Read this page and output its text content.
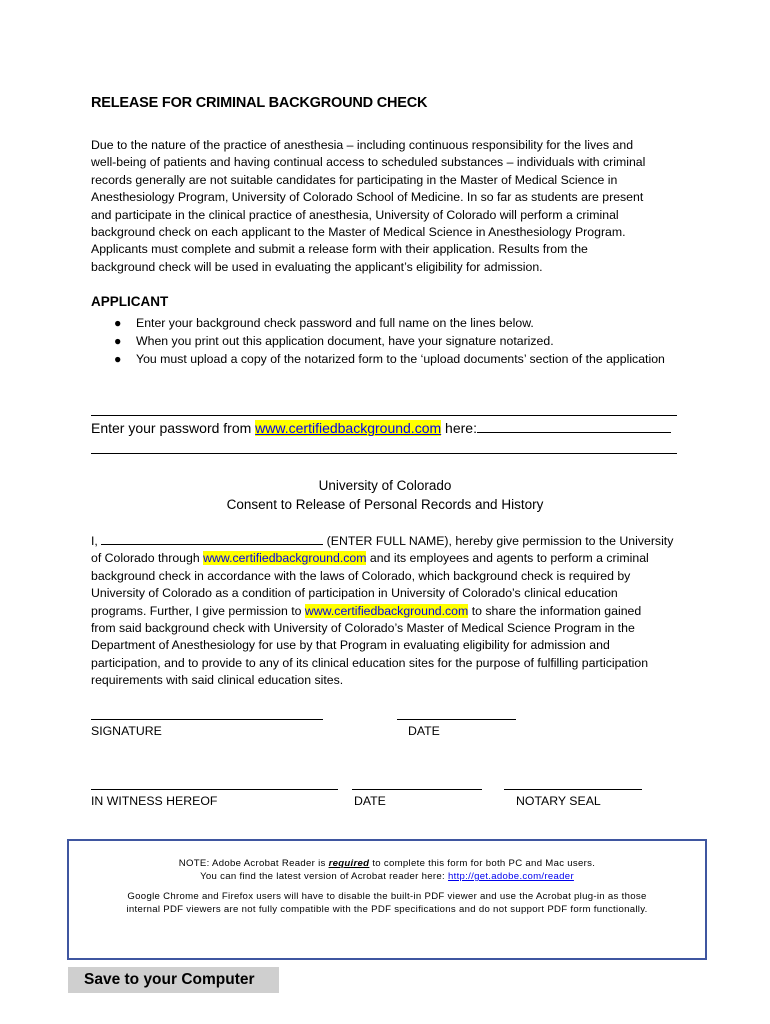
RELEASE FOR CRIMINAL BACKGROUND CHECK
Due to the nature of the practice of anesthesia – including continuous responsibility for the lives and
well-being of patients and having continual access to scheduled substances – individuals with criminal
records generally are not suitable candidates for participating in the Master of Medical Science in
Anesthesiology Program, University of Colorado School of Medicine. In so far as students are present
and participate in the clinical practice of anesthesia, University of Colorado will perform a criminal
background check on each applicant to the Master of Medical Science in Anesthesiology Program.
Applicants must complete and submit a release form with their application. Results from the
background check will be used in evaluating the applicant’s eligibility for admission.
APPLICANT
● Enter your background check password and full name on the lines below.
● When you print out this application document, have your signature notarized.
● You must upload a copy of the notarized form to the ‘upload documents’ section of the application
Enter your password from www.certifiedbackground.com here:
University of Colorado
Consent to Release of Personal Records and History
I,	(ENTER FULL NAME), hereby give permission to the University
of Colorado through www.certifiedbackground.com and its employees and agents to perform a criminal
background check in accordance with the laws of Colorado, which background check is required by
University of Colorado as a condition of participation in University of Colorado’s clinical education
programs. Further, I give permission to www.certifiedbackground.com to share the information gained
from said background check with University of Colorado’s Master of Medical Science Program in the
Department of Anesthesiology for use by that Program in evaluating eligibility for admission and
participation, and to provide to any of its clinical education sites for the purpose of fulfilling participation
requirements with said clinical education sites.
SIGNATURE	DATE
IN WITNESS HEREOF	DATE	NOTARY SEAL
NOTE: Adobe Acrobat Reader is required to complete this form for both PC and Mac users.
You can find the latest version of Acrobat reader here: http://get.adobe.com/reader
Google Chrome and Firefox users will have to disable the built-in PDF viewer and use the Acrobat plug-in as those
internal PDF viewers are not fully compatible with the PDF specifications and do not support PDF form functionally.
Save to your Computer
